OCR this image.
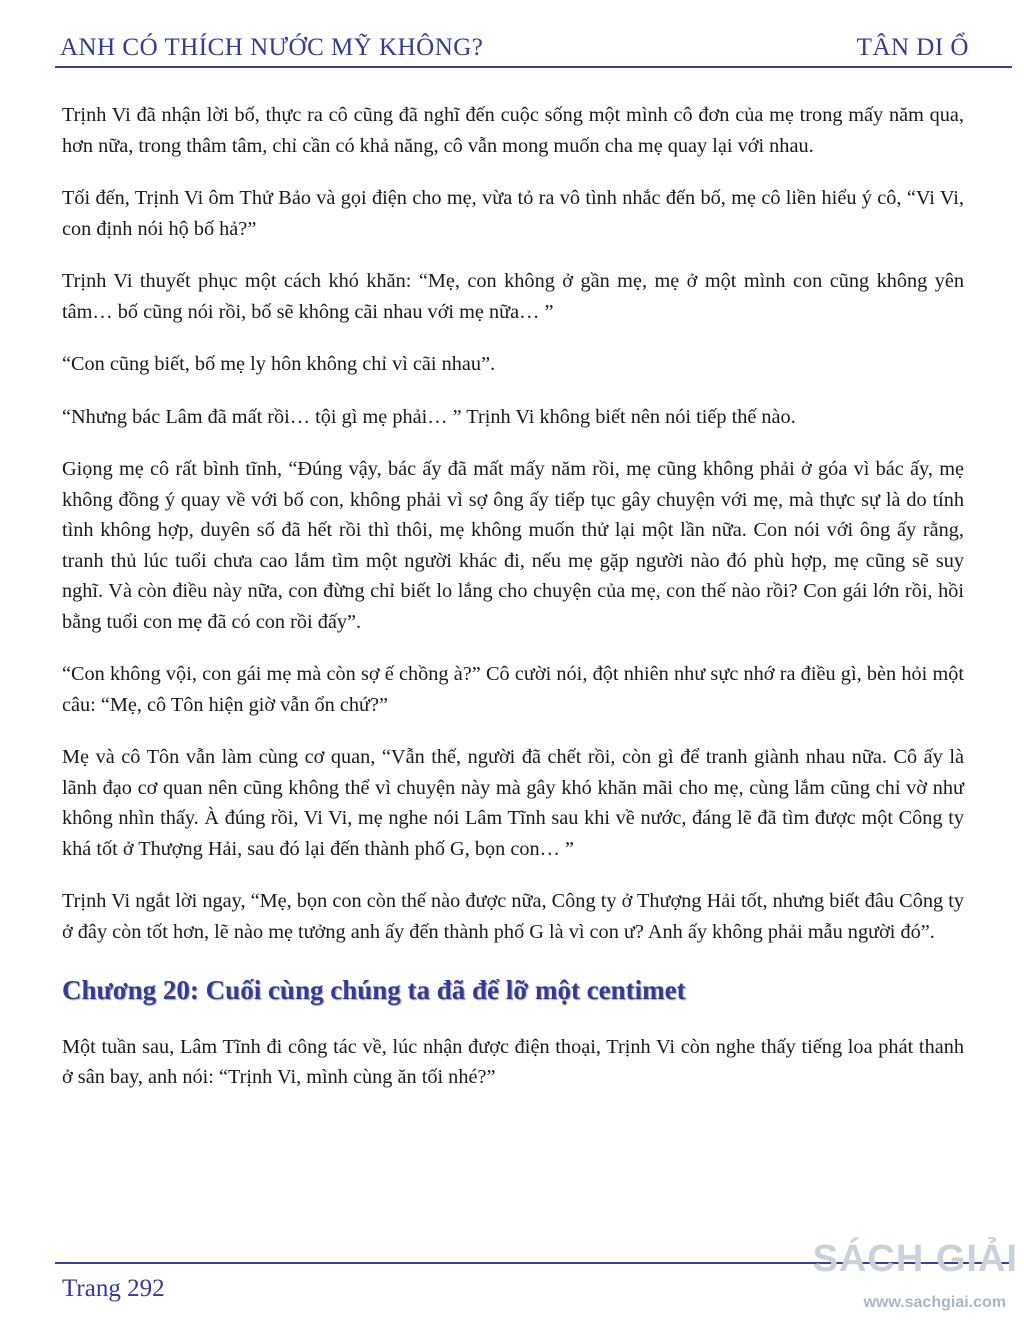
ANH CÓ THÍCH NƯỚC MỸ KHÔNG?	TÂN DI Ổ

Trịnh Vi đã nhận lời bố, thực ra cô cũng đã nghĩ đến cuộc sống một mình cô đơn của mẹ trong mấy năm qua, hơn nữa, trong thâm tâm, chỉ cần có khả năng, cô vẫn mong muốn cha mẹ quay lại với nhau.

Tối đến, Trịnh Vi ôm Thử Bảo và gọi điện cho mẹ, vừa tỏ ra vô tình nhắc đến bố, mẹ cô liền hiểu ý cô, “Vi Vi, con định nói hộ bố hả?”

Trịnh Vi thuyết phục một cách khó khăn: “Mẹ, con không ở gần mẹ, mẹ ở một mình con cũng không yên tâm… bố cũng nói rồi, bố sẽ không cãi nhau với mẹ nữa… ”

“Con cũng biết, bố mẹ ly hôn không chỉ vì cãi nhau”.

“Nhưng bác Lâm đã mất rồi… tội gì mẹ phải… ” Trịnh Vi không biết nên nói tiếp thế nào.

Giọng mẹ cô rất bình tĩnh, “Đúng vậy, bác ấy đã mất mấy năm rồi, mẹ cũng không phải ở góa vì bác ấy, mẹ không đồng ý quay về với bố con, không phải vì sợ ông ấy tiếp tục gây chuyện với mẹ, mà thực sự là do tính tình không hợp, duyên số đã hết rồi thì thôi, mẹ không muốn thử lại một lần nữa. Con nói với ông ấy rằng, tranh thủ lúc tuổi chưa cao lắm tìm một người khác đi, nếu mẹ gặp người nào đó phù hợp, mẹ cũng sẽ suy nghĩ. Và còn điều này nữa, con đừng chỉ biết lo lắng cho chuyện của mẹ, con thế nào rồi? Con gái lớn rồi, hồi bằng tuổi con mẹ đã có con rồi đấy”.

“Con không vội, con gái mẹ mà còn sợ ế chồng à?” Cô cười nói, đột nhiên như sực nhớ ra điều gì, bèn hỏi một câu: “Mẹ, cô Tôn hiện giờ vẫn ổn chứ?”

Mẹ và cô Tôn vẫn làm cùng cơ quan, “Vẫn thế, người đã chết rồi, còn gì để tranh giành nhau nữa. Cô ấy là lãnh đạo cơ quan nên cũng không thể vì chuyện này mà gây khó khăn mãi cho mẹ, cùng lắm cũng chỉ vờ như không nhìn thấy. À đúng rồi, Vi Vi, mẹ nghe nói Lâm Tĩnh sau khi về nước, đáng lẽ đã tìm được một Công ty khá tốt ở Thượng Hải, sau đó lại đến thành phố G, bọn con… ”

Trịnh Vi ngắt lời ngay, “Mẹ, bọn con còn thế nào được nữa, Công ty ở Thượng Hải tốt, nhưng biết đâu Công ty ở đây còn tốt hơn, lẽ nào mẹ tưởng anh ấy đến thành phố G là vì con ư? Anh ấy không phải mẫu người đó”.

Chương 20: Cuối cùng chúng ta đã để lỡ một centimet

Một tuần sau, Lâm Tĩnh đi công tác về, lúc nhận được điện thoại, Trịnh Vi còn nghe thấy tiếng loa phát thanh ở sân bay, anh nói: “Trịnh Vi, mình cùng ăn tối nhé?”

Trang 292
SÁCH GIẢI
www.sachgiai.com
